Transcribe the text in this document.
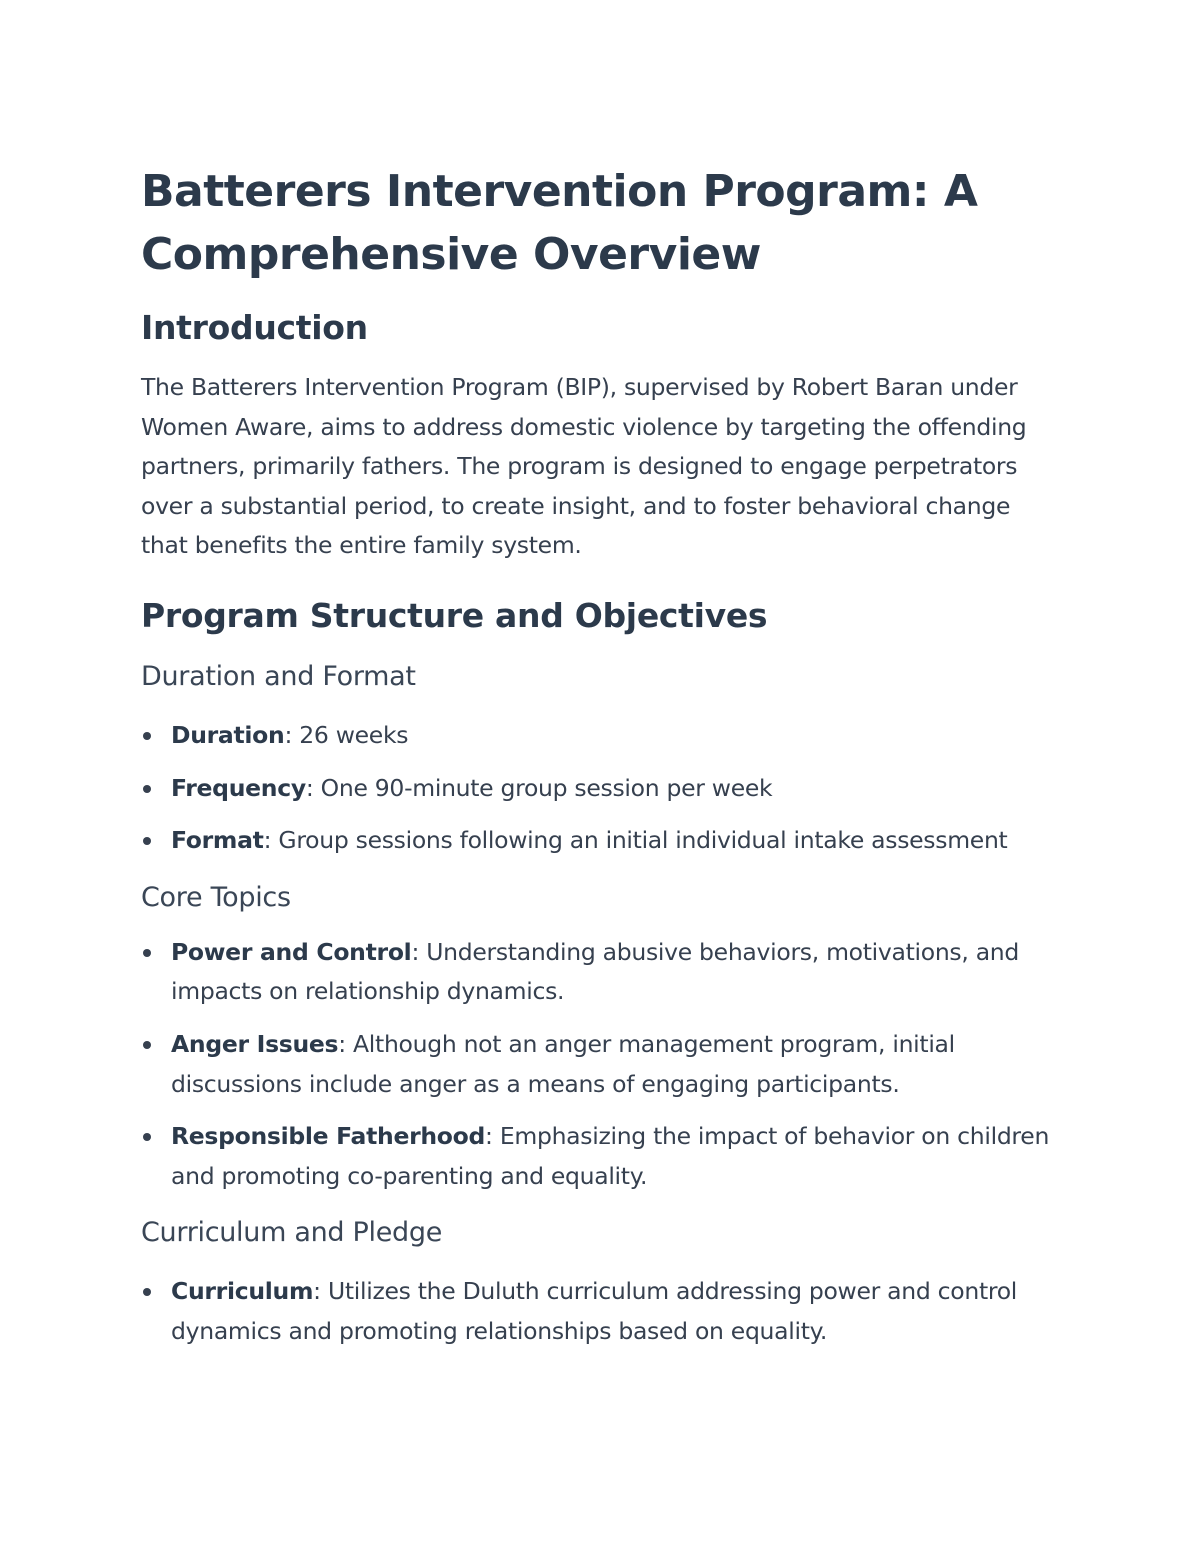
Batterers Intervention Program: A Comprehensive Overview
Introduction

The Batterers Intervention Program (BIP), supervised by Robert Baran under Women Aware, aims to address domestic violence by targeting the offending partners, primarily fathers. The program is designed to engage perpetrators over a substantial period, to create insight, and to foster behavioral change that benefits the entire family system.

Program Structure and Objectives
Duration and Format
Duration: 26 weeks
Frequency: One 90-minute group session per week
Format: Group sessions following an initial individual intake assessment
Core Topics
Power and Control: Understanding abusive behaviors, motivations, and impacts on relationship dynamics.
Anger Issues: Although not an anger management program, initial discussions include anger as a means of engaging participants.
Responsible Fatherhood: Emphasizing the impact of behavior on children and promoting co-parenting and equality.
Curriculum and Pledge
Curriculum: Utilizes the Duluth curriculum addressing power and control dynamics and promoting relationships based on equality.
